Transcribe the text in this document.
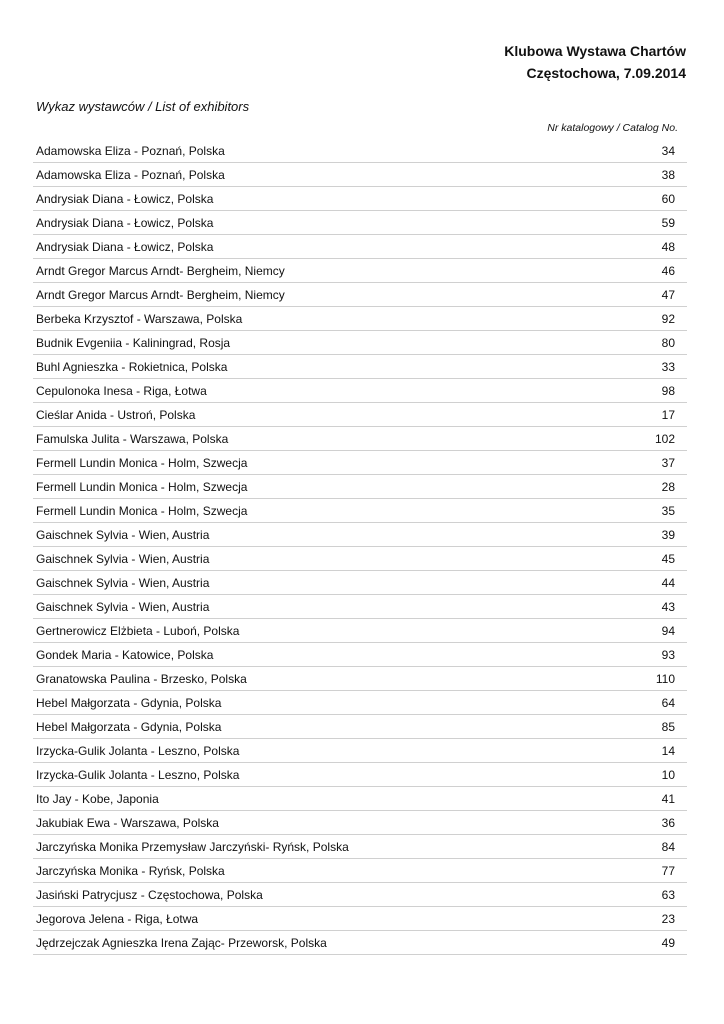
Klubowa Wystawa Chartów

Częstochowa, 7.09.2014

Wykaz wystawców / List of exhibitors
Nr katalogowy / Catalog No.
Adamowska Eliza - Poznań, Polska	34
Adamowska Eliza - Poznań, Polska	38
Andrysiak Diana - Łowicz, Polska	60
Andrysiak Diana - Łowicz, Polska	59
Andrysiak Diana - Łowicz, Polska	48
Arndt Gregor Marcus Arndt- Bergheim, Niemcy	46
Arndt Gregor Marcus Arndt- Bergheim, Niemcy	47
Berbeka Krzysztof - Warszawa, Polska	92
Budnik Evgeniia - Kaliningrad, Rosja	80
Buhl Agnieszka - Rokietnica, Polska	33
Cepulonoka Inesa - Riga, Łotwa	98
Cieślar Anida - Ustroń, Polska	17
Famulska Julita - Warszawa, Polska	102
Fermell Lundin Monica - Holm, Szwecja	37
Fermell Lundin Monica - Holm, Szwecja	28
Fermell Lundin Monica - Holm, Szwecja	35
Gaischnek Sylvia - Wien, Austria	39
Gaischnek Sylvia - Wien, Austria	45
Gaischnek Sylvia - Wien, Austria	44
Gaischnek Sylvia - Wien, Austria	43
Gertnerowicz Elżbieta - Luboń, Polska	94
Gondek Maria - Katowice, Polska	93
Granatowska Paulina - Brzesko, Polska	110
Hebel Małgorzata - Gdynia, Polska	64
Hebel Małgorzata - Gdynia, Polska	85
Irzycka-Gulik Jolanta - Leszno, Polska	14
Irzycka-Gulik Jolanta - Leszno, Polska	10
Ito Jay - Kobe, Japonia	41
Jakubiak Ewa - Warszawa, Polska	36
Jarczyńska Monika Przemysław Jarczyński- Ryńsk, Polska	84
Jarczyńska Monika - Ryńsk, Polska	77
Jasiński Patrycjusz - Częstochowa, Polska	63
Jegorova Jelena - Riga, Łotwa	23
Jędrzejczak Agnieszka Irena Zając- Przeworsk, Polska	49
